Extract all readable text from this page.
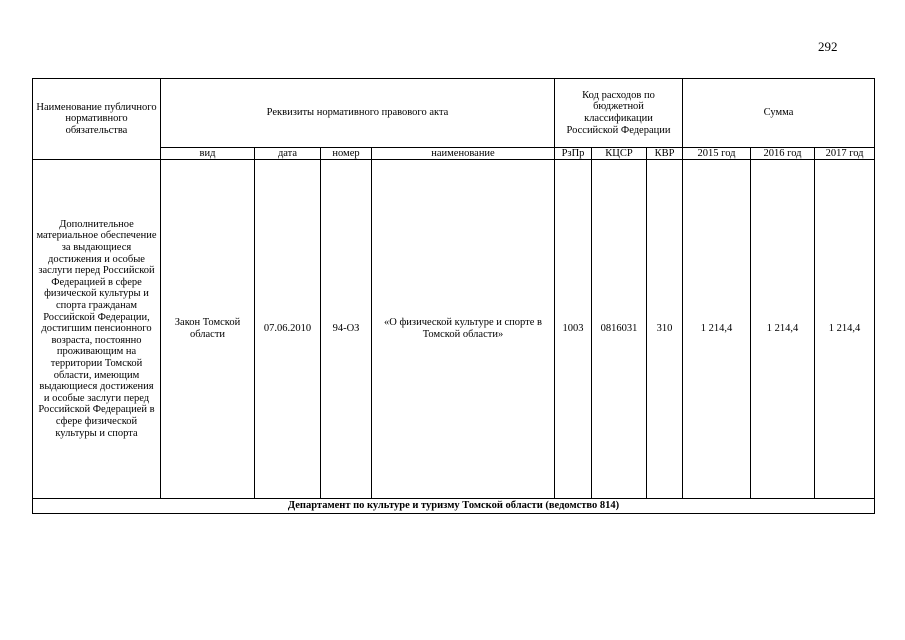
292
Наименование публичного нормативного обязательства	Реквизиты нормативного правового акта				Код расходов по бюджетной классификации Российской Федерации			Сумма		
	вид	дата	номер	наименование	РзПр	КЦСР	КВР	2015 год	2016 год	2017 год
Дополнительное материальное обеспечение за выдающиеся достижения и особые заслуги перед Российской Федерацией в сфере физической культуры и спорта гражданам Российской Федерации, достигшим пенсионного возраста, постоянно проживающим на территории Томской области, имеющим выдающиеся достижения и особые заслуги перед Российской Федерацией в сфере физической культуры и спорта	Закон Томской области	07.06.2010	94-ОЗ	«О физической культуре и спорте в Томской области»	1003	0816031	310	1 214,4	1 214,4	1 214,4
Департамент по культуре и туризму Томской области (ведомство 814)										
